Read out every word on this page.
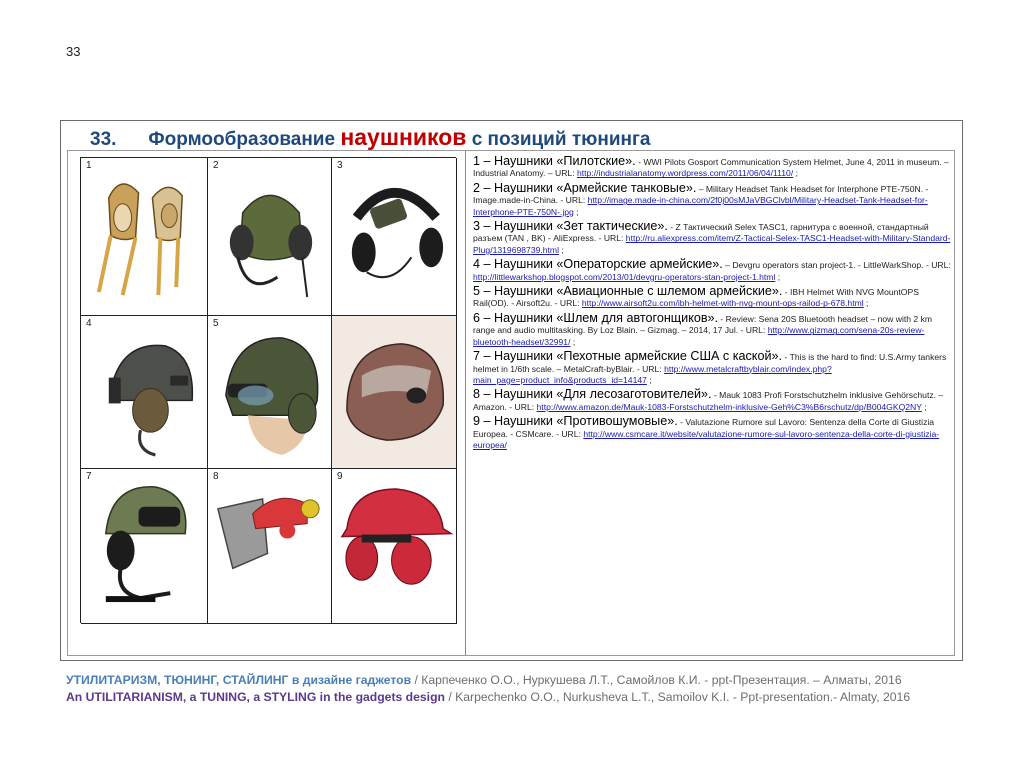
33
33. Формообразование наушников с позиций тюнинга
1	2	3
4	5
7	8	9
1 – Наушники «Пилотские». - WWI Pilots Gosport Communication System Helmet, June 4, 2011 in museum. – Industrial Anatomy. – URL: http://industrialanatomy.wordpress.com/2011/06/04/1110/ ;
2 – Наушники «Армейские танковые». – Military Headset Tank Headset for Interphone PTE-750N. - Image.made-in-China. - URL: http://image.made-in-china.com/2f0j00sMJaVBGClvbl/Military-Headset-Tank-Headset-for-Interphone-PTE-750N-.jpg ;
3 – Наушники «Зет тактические». - Z Тактический Selex TASC1, гарнитура с военной, стандартный разъем (TAN , BK) - AliExpress. - URL: http://ru.aliexpress.com/item/Z-Tactical-Selex-TASC1-Headset-with-Military-Standard-Plug/1319698739.html ;
4 – Наушники «Операторские армейские». – Devgru operators stan project-1. - LittleWarkShop. - URL: http://littlewarkshop.blogspot.com/2013/01/devgru-operators-stan-project-1.html ;
5 – Наушники «Авиационные с шлемом армейские». - IBH Helmet With NVG MountOPS Rail(OD). - Airsoft2u. - URL: http://www.airsoft2u.com/ibh-helmet-with-nvg-mount-ops-railod-p-678.html ;
6 – Наушники «Шлем для автогонщиков». - Review: Sena 20S Bluetooth headset – now with 2 km range and audio multitasking. By Loz Blain. – Gizmag. – 2014, 17 Jul. - URL: http://www.gizmag.com/sena-20s-review-bluetooth-headset/32991/ ;
7 – Наушники «Пехотные армейские США с каской». - This is the hard to find: U.S.Army tankers helmet in 1/6th scale. – MetalCraft-byBlair. - URL: http://www.metalcraftbyblair.com/index.php?main_page=product_info&products_id=14147 ;
8 – Наушники «Для лесозаготовителей». - Mauk 1083 Profi Forstschutzhelm inklusive Gehörschutz. – Amazon. - URL: http://www.amazon.de/Mauk-1083-Forstschutzhelm-inklusive-Geh%C3%B6rschutz/dp/B004GKQ2NY ;
9 – Наушники «Противошумовые». - Valutazione Rumore sul Lavoro: Sentenza della Corte di Giustizia Europea. - CSMcare. - URL: http://www.csmcare.it/website/valutazione-rumore-sul-lavoro-sentenza-della-corte-di-giustizia-europea/
УТИЛИТАРИЗМ, ТЮНИНГ, СТАЙЛИНГ в дизайне гаджетов / Карпеченко О.О., Нуркушева Л.Т., Самойлов К.И. - ppt-Презентация. – Алматы, 2016
An UTILITARIANISM, a TUNING, a STYLING in the gadgets design / Karpechenko O.O., Nurkusheva L.T., Samoilov K.I. - Ppt-presentation.- Almaty, 2016
